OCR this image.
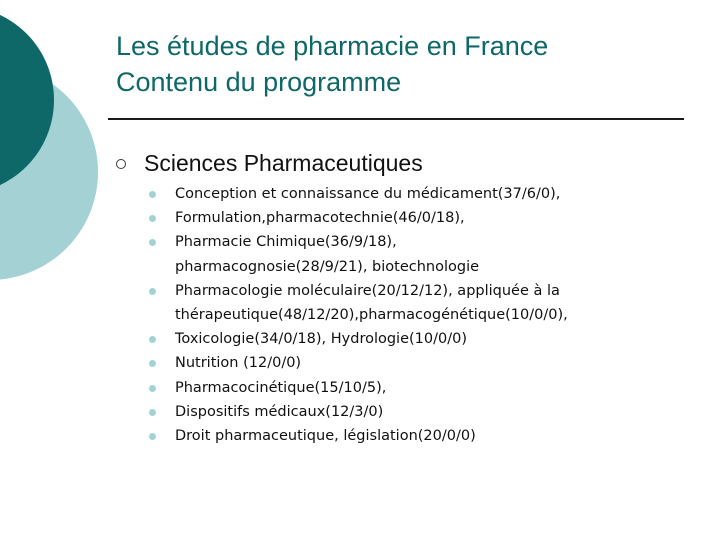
Les études de pharmacie en France
Contenu du programme
Sciences Pharmaceutiques
Conception et connaissance du médicament(37/6/0),
Formulation,pharmacotechnie(46/0/18),
Pharmacie Chimique(36/9/18),
pharmacognosie(28/9/21), biotechnologie
Pharmacologie moléculaire(20/12/12), appliquée à la
thérapeutique(48/12/20),pharmacogénétique(10/0/0),
Toxicologie(34/0/18), Hydrologie(10/0/0)
Nutrition (12/0/0)
Pharmacocinétique(15/10/5),
Dispositifs médicaux(12/3/0)
Droit pharmaceutique, législation(20/0/0)
